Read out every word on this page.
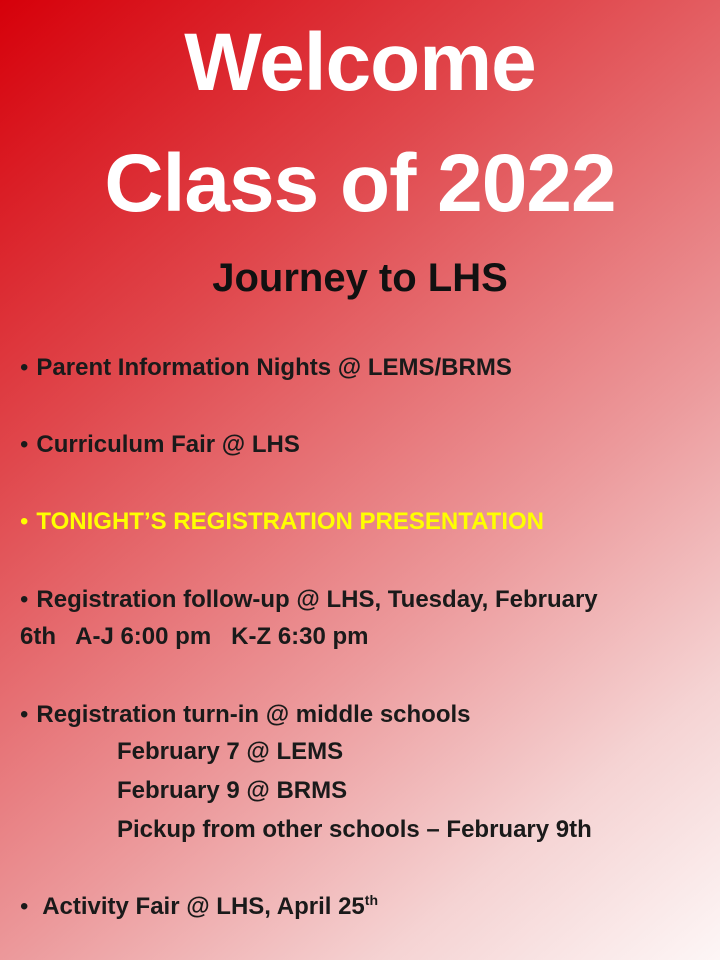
Welcome
Class of 2022
Journey to LHS
• Parent Information Nights @ LEMS/BRMS
• Curriculum Fair @ LHS
• TONIGHT’S REGISTRATION PRESENTATION
• Registration follow-up @ LHS, Tuesday, February
6th   A-J 6:00 pm   K-Z 6:30 pm
• Registration turn-in @ middle schools
February 7 @ LEMS
February 9 @ BRMS
Pickup from other schools – February 9th
• Activity Fair @ LHS, April 25th
